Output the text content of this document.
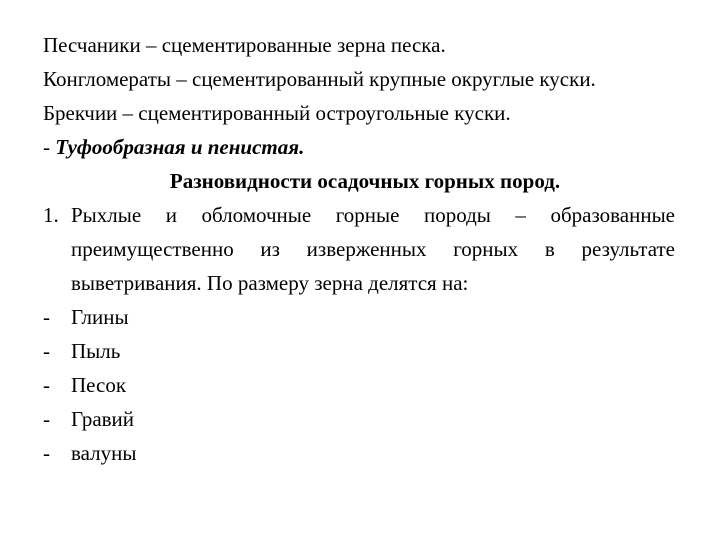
Песчаники – сцементированные зерна песка.
Конгломераты – сцементированный крупные округлые куски.
Брекчии – сцементированный остроугольные куски.
- Туфообразная и пенистая.
Разновидности осадочных горных пород.
1. Рыхлые и обломочные горные породы – образованные
преимущественно из изверженных горных в результате
выветривания. По размеру зерна делятся на:
-	Глины
-	Пыль
-	Песок
-	Гравий
-	валуны
